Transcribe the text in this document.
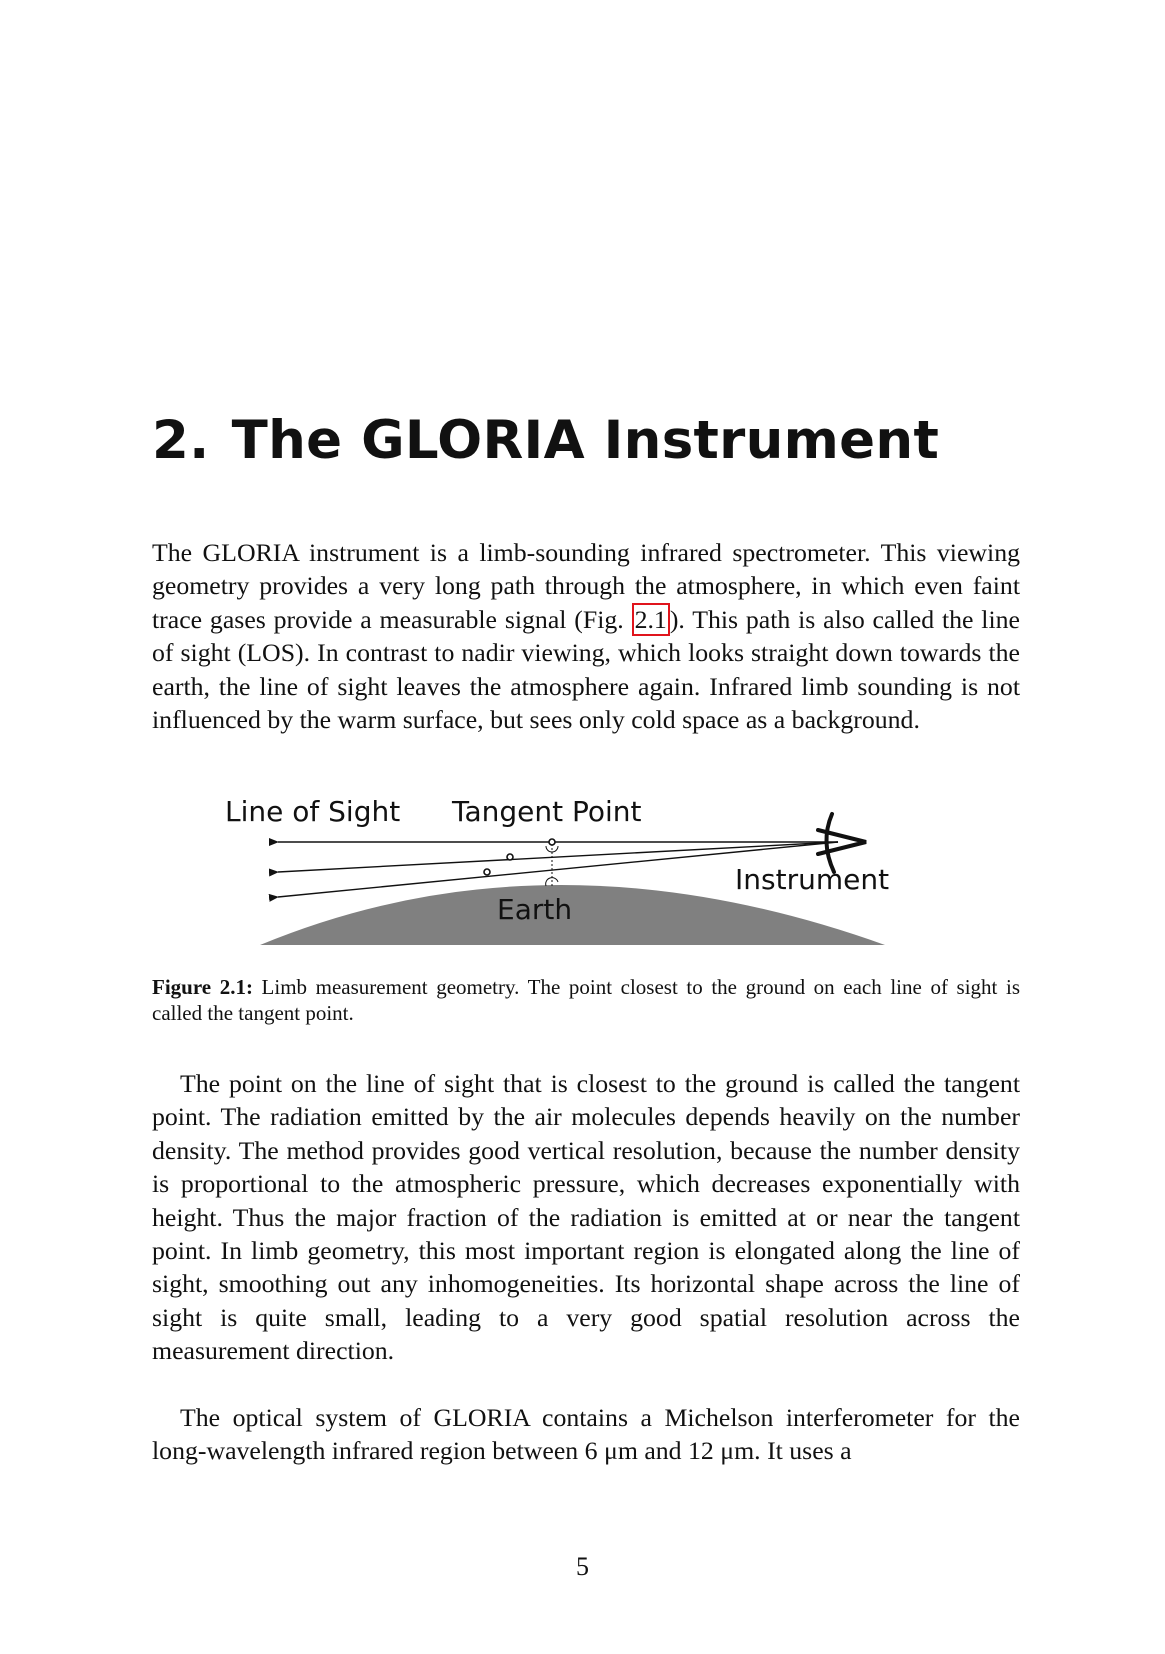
2. The GLORIA Instrument

The GLORIA instrument is a limb-sounding infrared spectrometer. This viewing geometry provides a very long path through the atmosphere, in which even faint trace gases provide a measurable signal (Fig. 2.1 ). This path is also called the line of sight (LOS). In contrast to nadir viewing, which looks straight down towards the earth, the line of sight leaves the atmosphere again. Infrared limb sounding is not influenced by the warm surface, but sees only cold space as a background.

Line of Sight Tangent Point
Instrument
Earth

Figure 2.1: Limb measurement geometry. The point closest to the ground on each line of sight is called the tangent point.

The point on the line of sight that is closest to the ground is called the tangent point. The radiation emitted by the air molecules depends heavily on the number density. The method provides good vertical resolution, because the number density is proportional to the atmospheric pressure, which decreases exponentially with height. Thus the major fraction of the radiation is emitted at or near the tangent point. In limb geometry, this most important region is elongated along the line of sight, smoothing out any inhomogeneities. Its horizontal shape across the line of sight is quite small, leading to a very good spatial resolution across the measurement direction.

The optical system of GLORIA contains a Michelson interferometer for the long-wavelength infrared region between 6 μm and 12 μm. It uses a

5
